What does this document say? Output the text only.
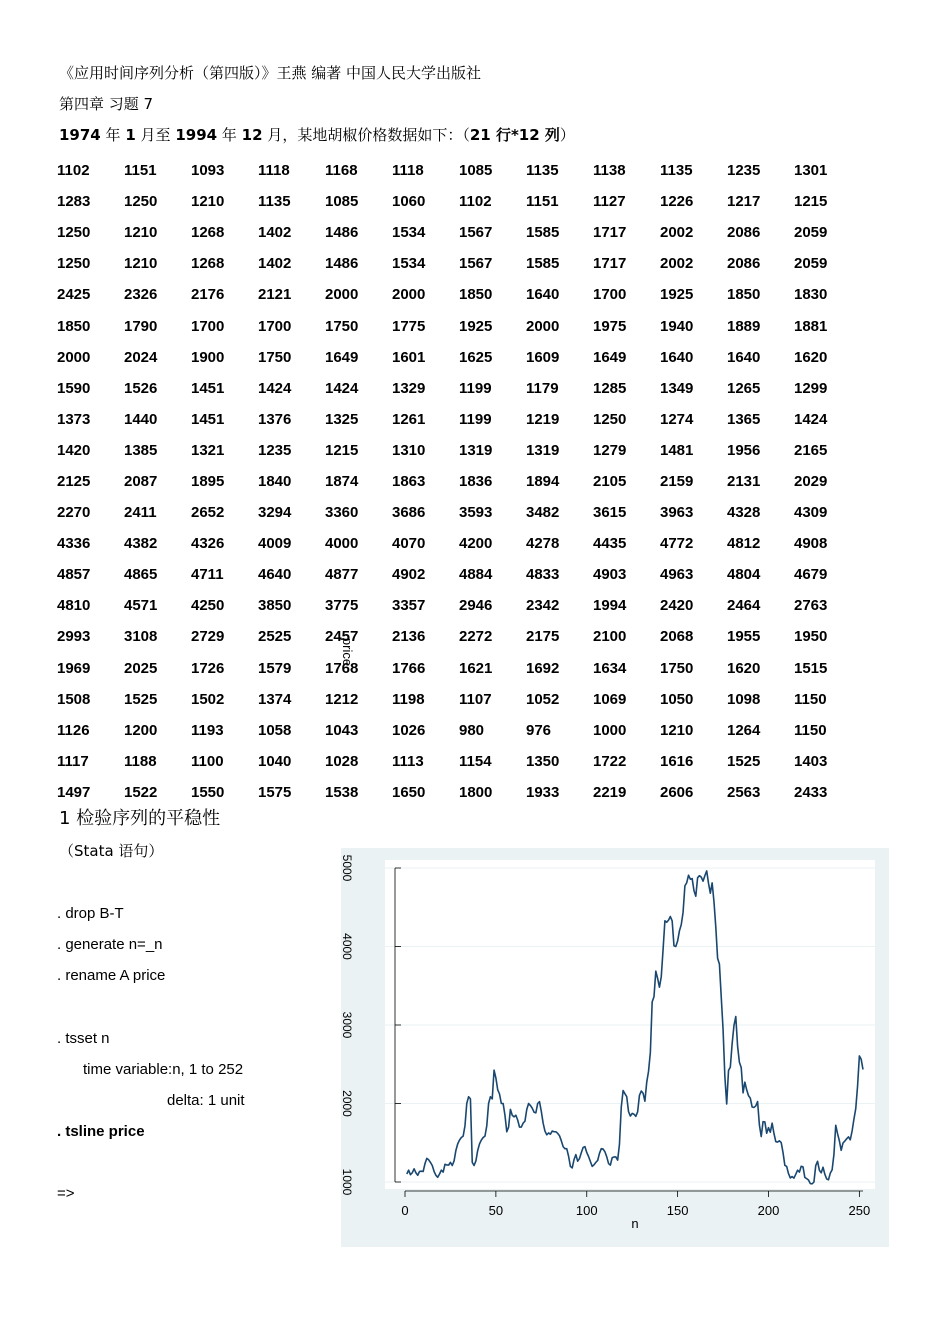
《应用时间序列分析（第四版）》王燕 编著 中国人民大学出版社
第四章 习题 7
1974 年 1 月至 1994 年 12 月，某地胡椒价格数据如下：（21 行*12 列）
1102	1151	1093	1118	1168	1118	1085	1135	1138	1135	1235	1301
1283	1250	1210	1135	1085	1060	1102	1151	1127	1226	1217	1215
1250	1210	1268	1402	1486	1534	1567	1585	1717	2002	2086	2059
1250	1210	1268	1402	1486	1534	1567	1585	1717	2002	2086	2059
2425	2326	2176	2121	2000	2000	1850	1640	1700	1925	1850	1830
1850	1790	1700	1700	1750	1775	1925	2000	1975	1940	1889	1881
2000	2024	1900	1750	1649	1601	1625	1609	1649	1640	1640	1620
1590	1526	1451	1424	1424	1329	1199	1179	1285	1349	1265	1299
1373	1440	1451	1376	1325	1261	1199	1219	1250	1274	1365	1424
1420	1385	1321	1235	1215	1310	1319	1319	1279	1481	1956	2165
2125	2087	1895	1840	1874	1863	1836	1894	2105	2159	2131	2029
2270	2411	2652	3294	3360	3686	3593	3482	3615	3963	4328	4309
4336	4382	4326	4009	4000	4070	4200	4278	4435	4772	4812	4908
4857	4865	4711	4640	4877	4902	4884	4833	4903	4963	4804	4679
4810	4571	4250	3850	3775	3357	2946	2342	1994	2420	2464	2763
2993	3108	2729	2525	2457	2136	2272	2175	2100	2068	1955	1950
1969	2025	1726	1579	1768	1766	1621	1692	1634	1750	1620	1515
1508	1525	1502	1374	1212	1198	1107	1052	1069	1050	1098	1150
1126	1200	1193	1058	1043	1026	980	976	1000	1210	1264	1150
1117	1188	1100	1040	1028	1113	1154	1350	1722	1616	1525	1403
1497	1522	1550	1575	1538	1650	1800	1933	2219	2606	2563	2433
1 检验序列的平稳性
（Stata 语句）
. drop B-T
. generate n=_n
. rename A price
. tsset n
time variable:n, 1 to 252
delta: 1 unit
. tsline price
=>	1000
2000
3000
4000
5000
0	50	100	150	200	250
n
price
